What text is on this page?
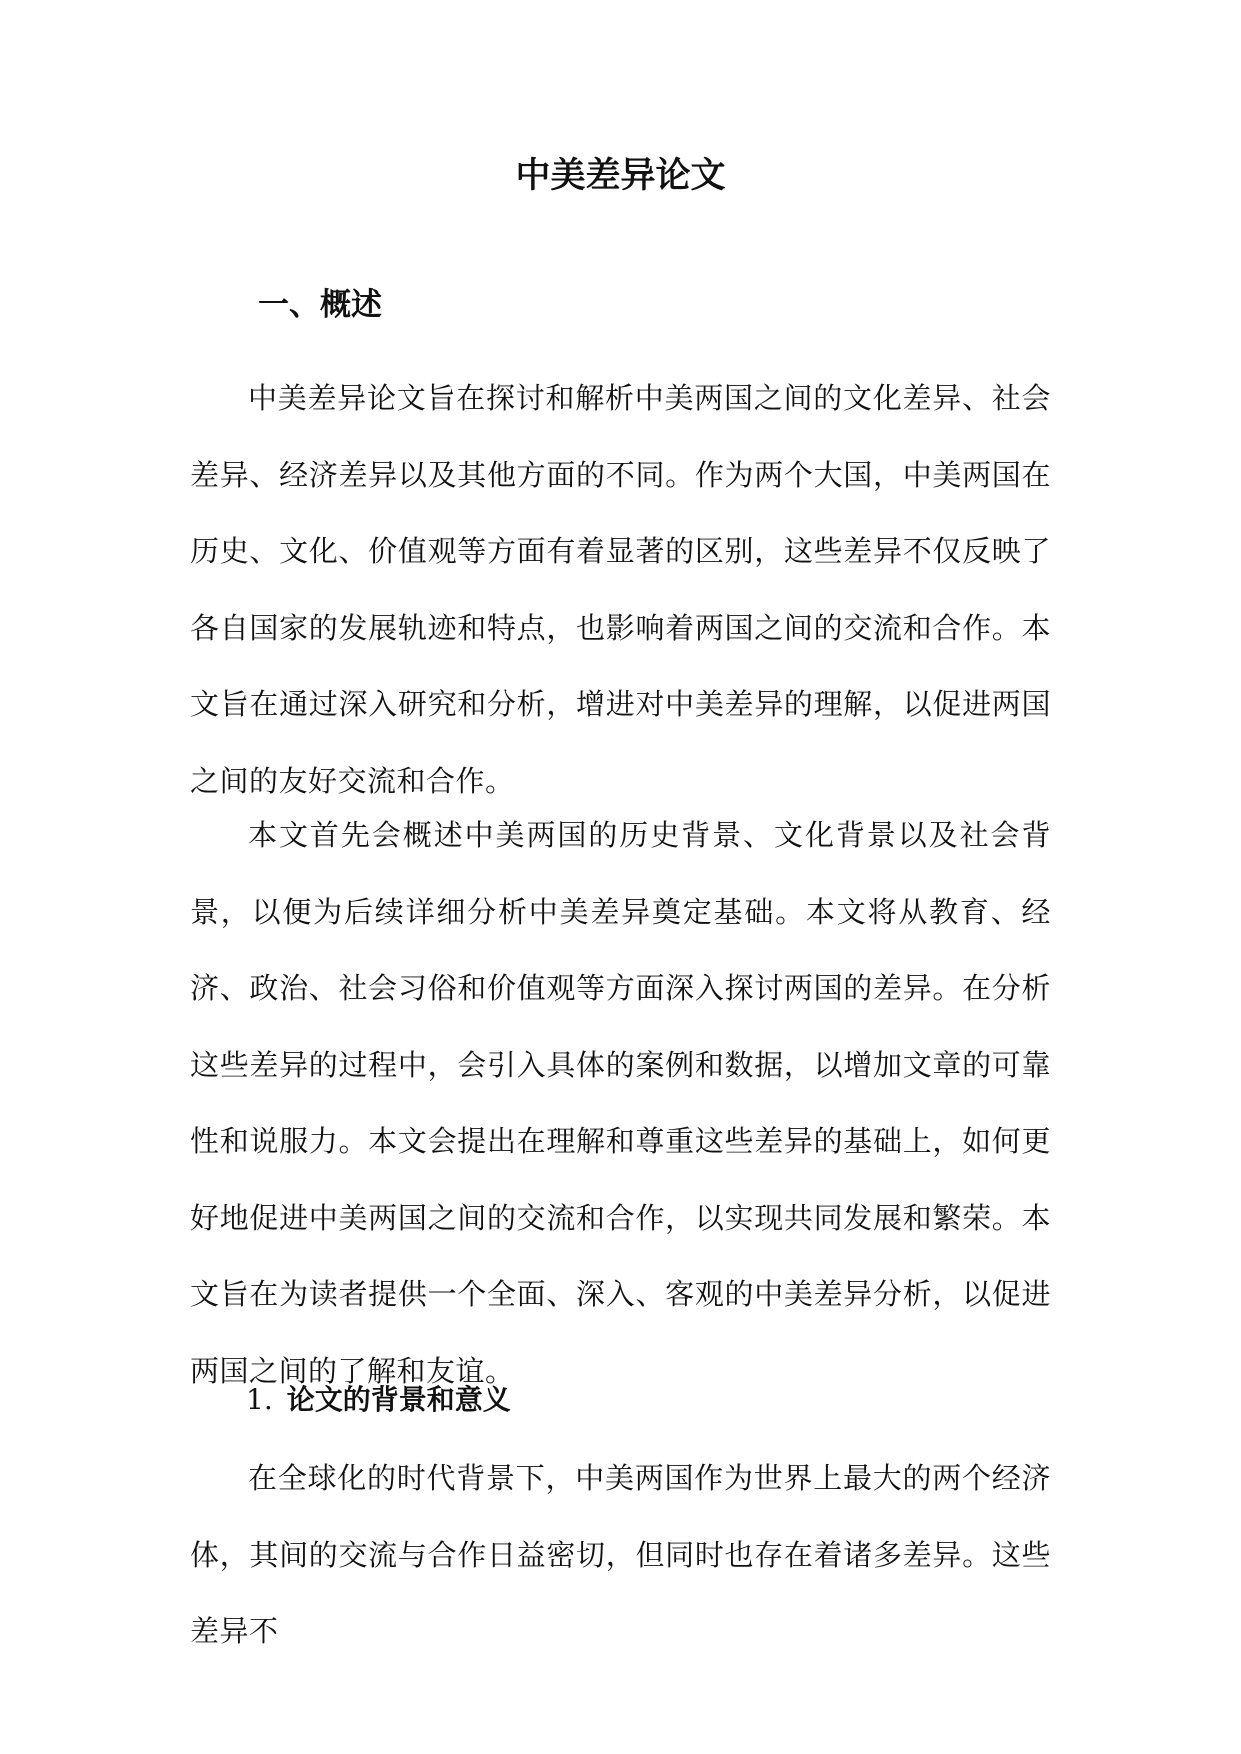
中美差异论文
一、概述

中美差异论文旨在探讨和解析中美两国之间的文化差异、社会差异、经济差异以及其他方面的不同。作为两个大国，中美两国在历史、文化、价值观等方面有着显著的区别，这些差异不仅反映了各自国家的发展轨迹和特点，也影响着两国之间的交流和合作。本文旨在通过深入研究和分析，增进对中美差异的理解，以促进两国之间的友好交流和合作。

本文首先会概述中美两国的历史背景、文化背景以及社会背景，以便为后续详细分析中美差异奠定基础。本文将从教育、经济、政治、社会习俗和价值观等方面深入探讨两国的差异。在分析这些差异的过程中，会引入具体的案例和数据，以增加文章的可靠性和说服力。本文会提出在理解和尊重这些差异的基础上，如何更好地促进中美两国之间的交流和合作，以实现共同发展和繁荣。本文旨在为读者提供一个全面、深入、客观的中美差异分析，以促进两国之间的了解和友谊。

1. 论文的背景和意义

在全球化的时代背景下，中美两国作为世界上最大的两个经济体，其间的交流与合作日益密切，但同时也存在着诸多差异。这些差异不
